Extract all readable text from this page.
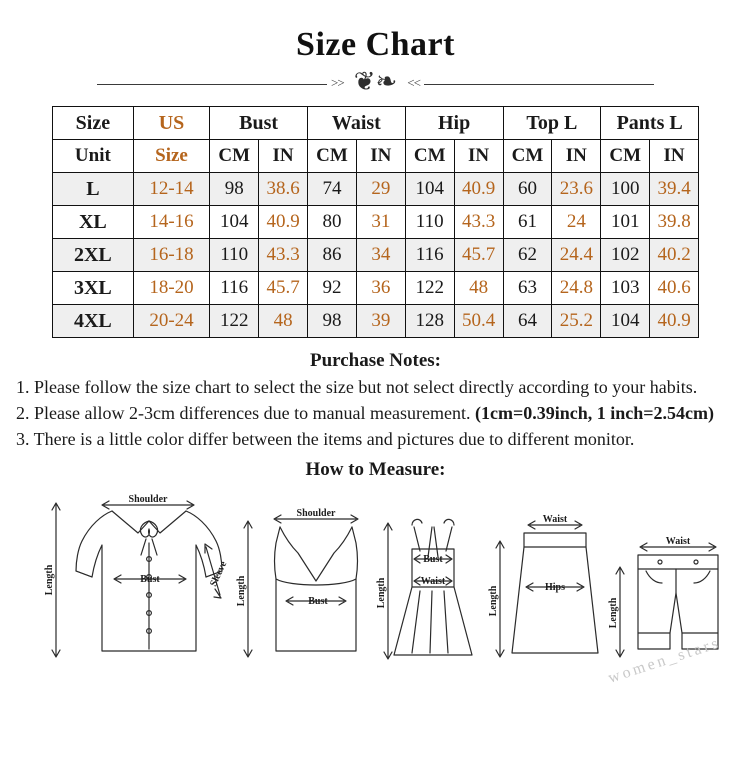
Size Chart
>> ❦❧ <<
Size	US	Bust		Waist		Hip		Top L		Pants L	
Unit	Size	CM	IN	CM	IN	CM	IN	CM	IN	CM	IN
L	12-14	98	38.6	74	29	104	40.9	60	23.6	100	39.4
XL	14-16	104	40.9	80	31	110	43.3	61	24	101	39.8
2XL	16-18	110	43.3	86	34	116	45.7	62	24.4	102	40.2
3XL	18-20	116	45.7	92	36	122	48	63	24.8	103	40.6
4XL	20-24	122	48	98	39	128	50.4	64	25.2	104	40.9
Purchase Notes:

1. Please follow the size chart to select the size but not select directly according to your habits.

2. Please allow 2-3cm differences due to manual measurement. (1cm=0.39inch, 1 inch=2.54cm)

3. There is a little color differ between the items and pictures due to different monitor.

How to Measure:
Shoulder
Bust
Length	Sleeve
Shoulder
Bust
Length
Bust
Waist
Length
Waist
Hips
Length
Waist
Length
women_stars
